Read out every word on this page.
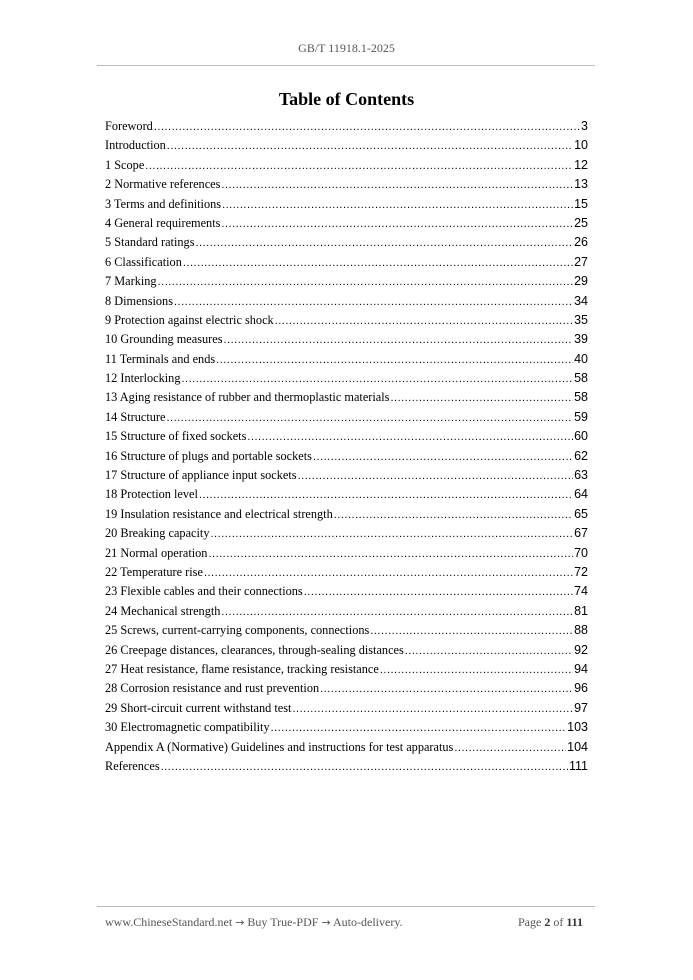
GB/T 11918.1-2025
Table of Contents
Foreword .....	3
Introduction .....	10
1 Scope .....	12
2 Normative references .....	13
3 Terms and definitions .....	15
4 General requirements .....	25
5 Standard ratings .....	26
6 Classification .....	27
7 Marking .....	29
8 Dimensions .....	34
9 Protection against electric shock .....	35
10 Grounding measures .....	39
11 Terminals and ends .....	40
12 Interlocking .....	58
13 Aging resistance of rubber and thermoplastic materials .....	58
14 Structure .....	59
15 Structure of fixed sockets .....	60
16 Structure of plugs and portable sockets .....	62
17 Structure of appliance input sockets .....	63
18 Protection level .....	64
19 Insulation resistance and electrical strength .....	65
20 Breaking capacity .....	67
21 Normal operation .....	70
22 Temperature rise .....	72
23 Flexible cables and their connections .....	74
24 Mechanical strength .....	81
25 Screws, current-carrying components, connections .....	88
26 Creepage distances, clearances, through-sealing distances .....	92
27 Heat resistance, flame resistance, tracking resistance .....	94
28 Corrosion resistance and rust prevention .....	96
29 Short-circuit current withstand test .....	97
30 Electromagnetic compatibility .....	103
Appendix A (Normative) Guidelines and instructions for test apparatus .....	104
References .....	111
www.ChineseStandard.net → Buy True-PDF → Auto-delivery.	Page 2 of 111
